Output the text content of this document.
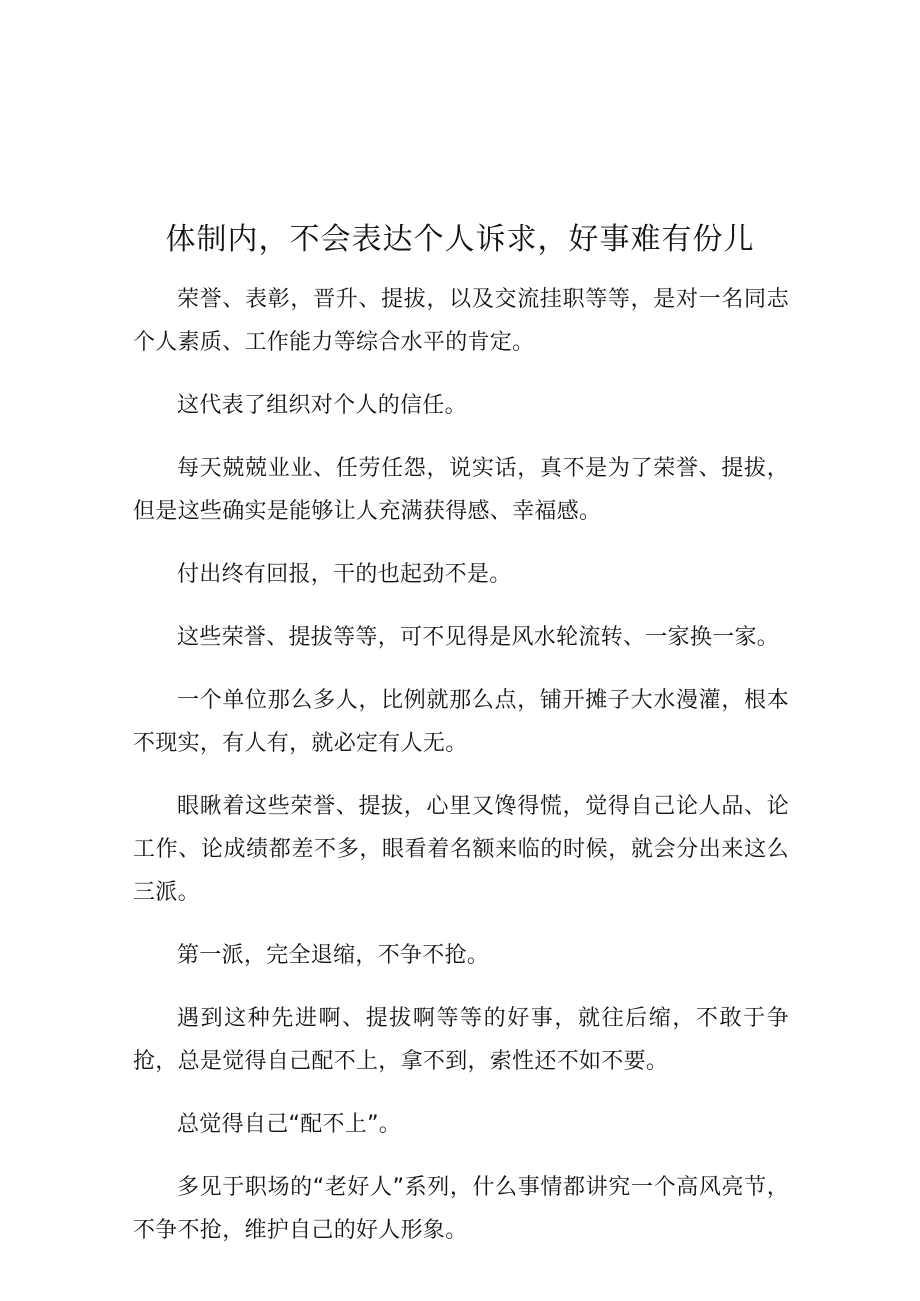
体制内，不会表达个人诉求，好事难有份儿

荣誉、表彰，晋升、提拔，以及交流挂职等等，是对一名同志个人素质、工作能力等综合水平的肯定。

这代表了组织对个人的信任。

每天兢兢业业、任劳任怨，说实话，真不是为了荣誉、提拔，但是这些确实是能够让人充满获得感、幸福感。

付出终有回报，干的也起劲不是。

这些荣誉、提拔等等，可不见得是风水轮流转、一家换一家。

一个单位那么多人，比例就那么点，铺开摊子大水漫灌，根本不现实，有人有，就必定有人无。

眼瞅着这些荣誉、提拔，心里又馋得慌，觉得自己论人品、论工作、论成绩都差不多，眼看着名额来临的时候，就会分出来这么三派。

第一派，完全退缩，不争不抢。

遇到这种先进啊、提拔啊等等的好事，就往后缩，不敢于争抢，总是觉得自己配不上，拿不到，索性还不如不要。

总觉得自己“配不上”。

多见于职场的“老好人”系列，什么事情都讲究一个高风亮节，不争不抢，维护自己的好人形象。
